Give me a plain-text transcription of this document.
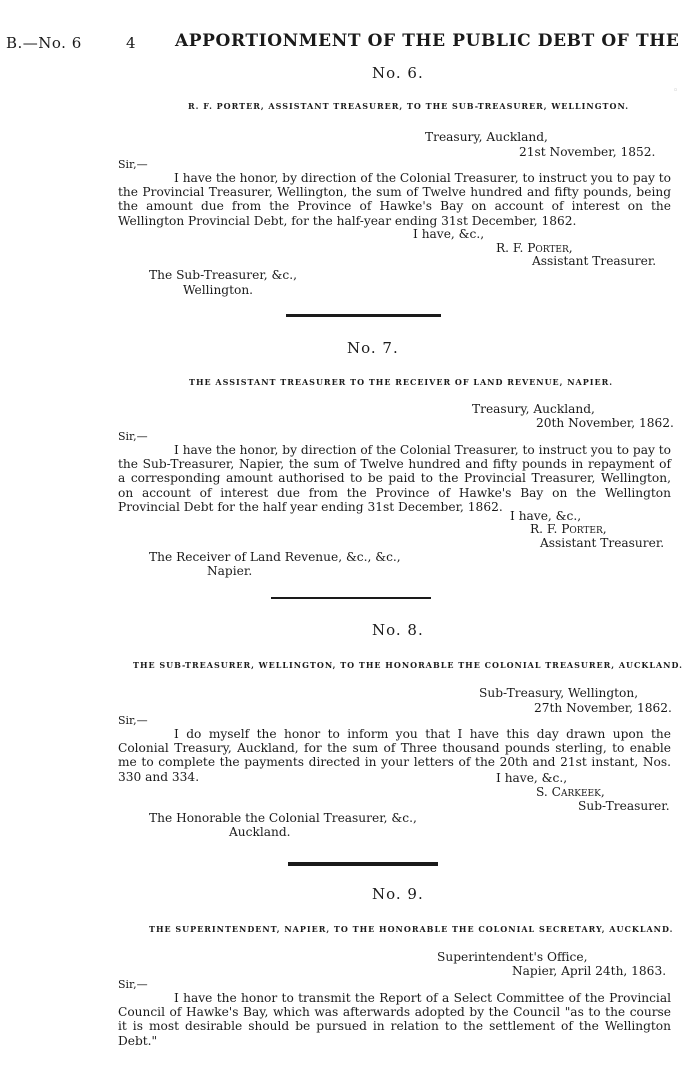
B.—No. 6	4 APPORTIONMENT OF THE PUBLIC DEBT OF THE
◦
No. 6.
R. F. PORTER, ASSISTANT TREASURER, TO THE SUB-TREASURER, WELLINGTON.
Treasury, Auckland,
21st November, 1852.
Sir,—
I have the honor, by direction of the Colonial Treasurer, to instruct you to pay to the Provincial Treasurer, Wellington, the sum of Twelve hundred and fifty pounds, being the amount due from the Province of Hawke's Bay on account of interest on the Wellington Provincial Debt, for the half-year ending 31st December, 1862.
I have, &c.,
R. F. Porter,
Assistant Treasurer.
The Sub-Treasurer, &c.,
Wellington.
No. 7.
THE ASSISTANT TREASURER TO THE RECEIVER OF LAND REVENUE, NAPIER.
Treasury, Auckland,
20th November, 1862.
Sir,—
I have the honor, by direction of the Colonial Treasurer, to instruct you to pay to the Sub-Treasurer, Napier, the sum of Twelve hundred and fifty pounds in repayment of a corresponding amount authorised to be paid to the Provincial Treasurer, Wellington, on account of interest due from the Province of Hawke's Bay on the Wellington Provincial Debt for the half year ending 31st December, 1862.
I have, &c.,
R. F. Porter,
Assistant Treasurer.
The Receiver of Land Revenue, &c., &c.,
Napier.
No. 8.
THE SUB-TREASURER, WELLINGTON, TO THE HONORABLE THE COLONIAL TREASURER, AUCKLAND.
Sub-Treasury, Wellington,
27th November, 1862.
Sir,—
I do myself the honor to inform you that I have this day drawn upon the Colonial Treasury, Auckland, for the sum of Three thousand pounds sterling, to enable me to complete the payments directed in your letters of the 20th and 21st instant, Nos. 330 and 334.	I have, &c.,
S. Carkeek,
Sub-Treasurer.
The Honorable the Colonial Treasurer, &c.,
Auckland.
No. 9.
THE SUPERINTENDENT, NAPIER, TO THE HONORABLE THE COLONIAL SECRETARY, AUCKLAND.
Superintendent's Office,
Napier, April 24th, 1863.
Sir,—
I have the honor to transmit the Report of a Select Committee of the Provincial Council of Hawke's Bay, which was afterwards adopted by the Council "as to the course it is most desirable should be pursued in relation to the settlement of the Wellington Debt."
